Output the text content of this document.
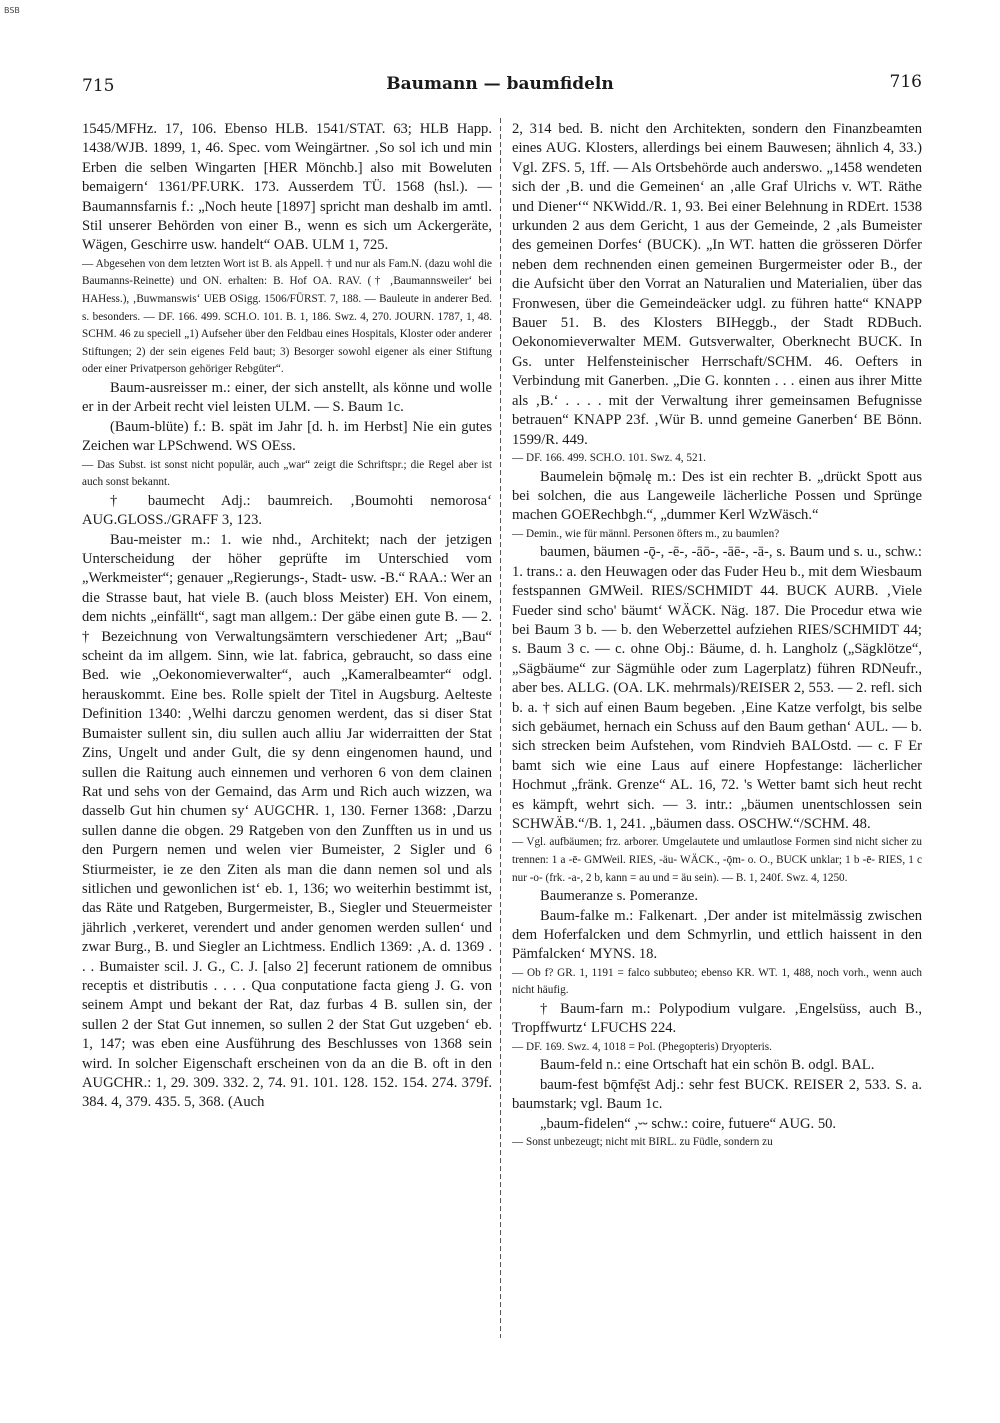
BSB
715	Baumann — baumfideln	716

1545/MFHz. 17, 106. Ebenso HLB. 1541/STAT. 63; HLB Happ. 1438/WJB. 1899, 1, 46. Spec. vom Weingärtner. ‚So sol ich und min Erben die selben Wingarten [HER Mönchb.] also mit Boweluten bemaigern‘ 1361/PF.URK. 173. Ausserdem TÜ. 1568 (hsl.). — Baumannsfarnis f.: „Noch heute [1897] spricht man deshalb im amtl. Stil unserer Behörden von einer B., wenn es sich um Ackergeräte, Wägen, Geschirre usw. handelt“ OAB. ULM 1, 725.

— Abgesehen von dem letzten Wort ist B. als Appell. † und nur als Fam.N. (dazu wohl die Baumanns-Reinette) und ON. erhalten: B. Hof OA. RAV. († ‚Baumannsweiler‘ bei HAHess.), ‚Buwmanswis‘ UEB OSigg. 1506/FÜRST. 7, 188. — Bauleute in anderer Bed. s. besonders. — DF. 166. 499. SCH.O. 101. B. 1, 186. Swz. 4, 270. JOURN. 1787, 1, 48. SCHM. 46 zu speciell „1) Aufseher über den Feldbau eines Hospitals, Kloster oder anderer Stiftungen; 2) der sein eigenes Feld baut; 3) Besorger sowohl eigener als einer Stiftung oder einer Privatperson gehöriger Rebgüter“.

Baum-ausreisser m.: einer, der sich anstellt, als könne und wolle er in der Arbeit recht viel leisten ULM. — S. Baum 1c.

(Baum-blüte) f.: B. spät im Jahr [d. h. im Herbst] Nie ein gutes Zeichen war LPSchwend. WS OEss.

— Das Subst. ist sonst nicht populär, auch „war“ zeigt die Schriftspr.; die Regel aber ist auch sonst bekannt.

† baumecht Adj.: baumreich. ‚Boumohti nemorosa‘ AUG.GLOSS./GRAFF 3, 123.

Bau-meister m.: 1. wie nhd., Architekt; nach der jetzigen Unterscheidung der höher geprüfte im Unterschied vom „Werkmeister“; genauer „Regierungs-, Stadt- usw. -B.“ RAA.: Wer an die Strasse baut, hat viele B. (auch bloss Meister) EH. Von einem, dem nichts „einfällt“, sagt man allgem.: Der gäbe einen gute B. — 2. † Bezeichnung von Verwaltungsämtern verschiedener Art; „Bau“ scheint da im allgem. Sinn, wie lat. fabrica, gebraucht, so dass eine Bed. wie „Oekonomieverwalter“, auch „Kameralbeamter“ odgl. herauskommt. Eine bes. Rolle spielt der Titel in Augsburg. Aelteste Definition 1340: ‚Welhi darczu genomen werdent, das si diser Stat Bumaister sullent sin, diu sullen auch alliu Jar widerraitten der Stat Zins, Ungelt und ander Gult, die sy denn eingenomen haund, und sullen die Raitung auch einnemen und verhoren 6 von dem clainen Rat und sehs von der Gemaind, das Arm und Rich auch wizzen, wa dasselb Gut hin chumen sy‘ AUGCHR. 1, 130. Ferner 1368: ‚Darzu sullen danne die obgen. 29 Ratgeben von den Zunfften us in und us den Purgern nemen und welen vier Bumeister, 2 Sigler und 6 Stiurmeister, ie ze den Ziten als man die dann nemen sol und als sitlichen und gewonlichen ist‘ eb. 1, 136; wo weiterhin bestimmt ist, das Räte und Ratgeben, Burgermeister, B., Siegler und Steuermeister jährlich ‚verkeret, verendert und ander genomen werden sullen‘ und zwar Burg., B. und Siegler an Lichtmess. Endlich 1369: ‚A. d. 1369 . . . Bumaister scil. J. G., C. J. [also 2] fecerunt rationem de omnibus receptis et distributis . . . . Qua conputatione facta gieng J. G. von seinem Ampt und bekant der Rat, daz furbas 4 B. sullen sin, der sullen 2 der Stat Gut innemen, so sullen 2 der Stat Gut uzgeben‘ eb. 1, 147; was eben eine Ausführung des Beschlusses von 1368 sein wird. In solcher Eigenschaft erscheinen von da an die B. oft in den AUGCHR.: 1, 29. 309. 332. 2, 74. 91. 101. 128. 152. 154. 274. 379f. 384. 4, 379. 435. 5, 368. (Auch

2, 314 bed. B. nicht den Architekten, sondern den Finanzbeamten eines AUG. Klosters, allerdings bei einem Bauwesen; ähnlich 4, 33.) Vgl. ZFS. 5, 1ff. — Als Ortsbehörde auch anderswo. „1458 wendeten sich der ‚B. und die Gemeinen‘ an ‚alle Graf Ulrichs v. WT. Räthe und Diener‘“ NKWidd./R. 1, 93. Bei einer Belehnung in RDErt. 1538 urkunden 2 aus dem Gericht, 1 aus der Gemeinde, 2 ‚als Bumeister des gemeinen Dorfes‘ (BUCK). „In WT. hatten die grösseren Dörfer neben dem rechnenden einen gemeinen Burgermeister oder B., der die Aufsicht über den Vorrat an Naturalien und Materialien, über das Fronwesen, über die Gemeindeäcker udgl. zu führen hatte“ KNAPP Bauer 51. B. des Klosters BIHeggb., der Stadt RDBuch. Oekonomieverwalter MEM. Gutsverwalter, Oberknecht BUCK. In Gs. unter Helfensteinischer Herrschaft/SCHM. 46. Oefters in Verbindung mit Ganerben. „Die G. konnten . . . einen aus ihrer Mitte als ‚B.‘ . . . . mit der Verwaltung ihrer gemeinsamen Befugnisse betrauen“ KNAPP 23f. ‚Wür B. unnd gemeine Ganerben‘ BE Bönn. 1599/R. 449.

— DF. 166. 499. SCH.O. 101. Swz. 4, 521.

Baumelein bǭmǝlę m.: Des ist ein rechter B. „drückt Spott aus bei solchen, die aus Langeweile lächerliche Possen und Sprünge machen GOERechbgh.“, „dummer Kerl WzWäsch.“

— Demin., wie für männl. Personen öfters m., zu baumlen?

baumen, bäumen -ǭ-, -ē-, -āō-, -āē-, -ā-, s. Baum und s. u., schw.: 1. trans.: a. den Heuwagen oder das Fuder Heu b., mit dem Wiesbaum festspannen GMWeil. RIES/SCHMIDT 44. BUCK AURB. ‚Viele Fueder sind scho' bäumt‘ WÄCK. Näg. 187. Die Procedur etwa wie bei Baum 3 b. — b. den Weberzettel aufziehen RIES/SCHMIDT 44; s. Baum 3 c. — c. ohne Obj.: Bäume, d. h. Langholz („Sägklötze“, „Sägbäume“ zur Sägmühle oder zum Lagerplatz) führen RDNeufr., aber bes. ALLG. (OA. LK. mehrmals)/REISER 2, 553. — 2. refl. sich b. a. † sich auf einen Baum begeben. ‚Eine Katze verfolgt, bis selbe sich gebäumet, hernach ein Schuss auf den Baum gethan‘ AUL. — b. sich strecken beim Aufstehen, vom Rindvieh BALOstd. — c. F Er bamt sich wie eine Laus auf einere Hopfestange: lächerlicher Hochmut „fränk. Grenze“ AL. 16, 72. 's Wetter bamt sich heut recht es kämpft, wehrt sich. — 3. intr.: „bäumen unentschlossen sein SCHWÄB.“/B. 1, 241. „bäumen dass. OSCHW.“/SCHM. 48.

— Vgl. aufbäumen; frz. arborer. Umgelautete und umlautlose Formen sind nicht sicher zu trennen: 1 a -ē- GMWeil. RIES, -äu- WÄCK., -ǭm- o. O., BUCK unklar; 1 b -ē- RIES, 1 c nur -o- (frk. -a-, 2 b, kann = au und = äu sein). — B. 1, 240f. Swz. 4, 1250.

Baumeranze s. Pomeranze.

Baum-falke m.: Falkenart. ‚Der ander ist mitelmässig zwischen dem Hoferfalcken und dem Schmyrlin, und ettlich haissent in den Pämfalcken‘ MYNS. 18.

— Ob f? GR. 1, 1191 = falco subbuteo; ebenso KR. WT. 1, 488, noch vorh., wenn auch nicht häufig.

† Baum-farn m.: Polypodium vulgare. ‚Engelsüss, auch B., Tropffwurtz‘ LFUCHS 224.

— DF. 169. Swz. 4, 1018 = Pol. (Phegopteris) Dryopteris.

Baum-feld n.: eine Ortschaft hat ein schön B. odgl. BAL.

baum-fest bǭmfę̄st Adj.: sehr fest BUCK. REISER 2, 533. S. a. baumstark; vgl. Baum 1c.

„baum-fidelen“ ,⏑⏑ schw.: coire, futuere“ AUG. 50.

— Sonst unbezeugt; nicht mit BIRL. zu Füdle, sondern zu
